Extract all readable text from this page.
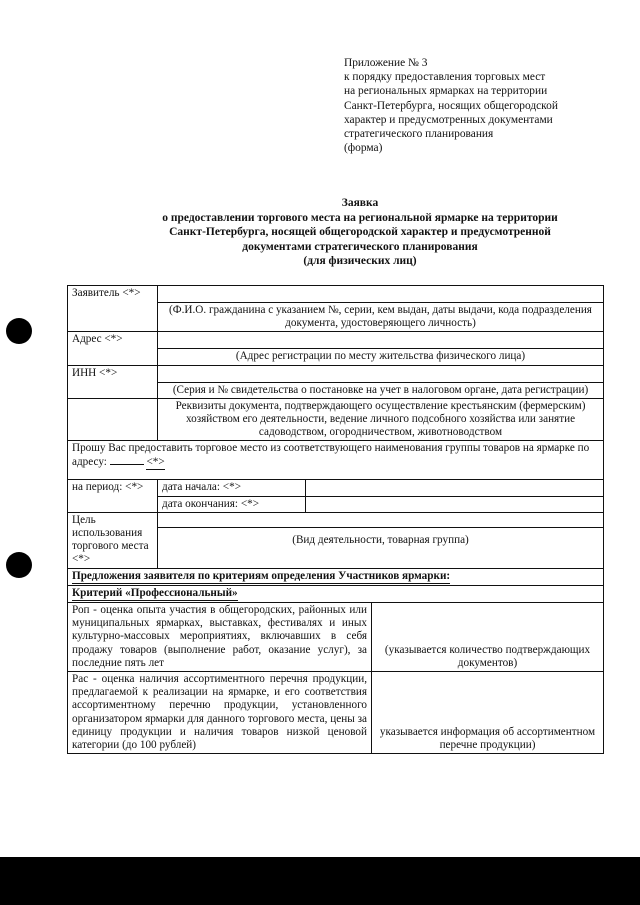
Приложение № 3
к порядку предоставления торговых мест
на региональных ярмарках на территории
Санкт-Петербурга, носящих общегородской
характер и предусмотренных документами
стратегического планирования
(форма)
Заявка
о предоставлении торгового места на региональной ярмарке на территории
Санкт-Петербурга, носящей общегородской характер и предусмотренной
документами стратегического планирования
(для физических лиц)
Заявитель <*>			
	(Ф.И.О. гражданина с указанием №, серии, кем выдан, даты выдачи, кода подразделения документа, удостоверяющего личность)		
Адрес <*>			
	(Адрес регистрации по месту жительства физического лица)		
ИНН <*>			
	(Серия и № свидетельства о постановке на учет в налоговом органе, дата регистрации)		
	Реквизиты документа, подтверждающего осуществление крестьянским (фермерским) хозяйством его деятельности, ведение личного подсобного хозяйства или занятие садоводством, огородничеством, животноводством		
Прошу Вас предоставить торговое место из соответствующего наименования группы товаров на ярмарке по адресу: <*>			
на период: <*>	дата начала: <*>		
	дата окончания: <*>		
Цель использования торгового места <*>	(Вид деятельности, товарная группа)		
Предложения заявителя по критериям определения Участников ярмарки:			
Критерий «Профессиональный»			
Роп - оценка опыта участия в общегородских, районных или муниципальных ярмарках, выставках, фестивалях и иных культурно-массовых мероприятиях, включавших в себя продажу товаров (выполнение работ, оказание услуг), за последние пять лет			(указывается количество подтверждающих документов)
Рас - оценка наличия ассортиментного перечня продукции, предлагаемой к реализации на ярмарке, и его соответствия ассортиментному перечню продукции, установленного организатором ярмарки для данного торгового места, цены за единицу продукции и наличия товаров низкой ценовой категории (до 100 рублей)			указывается информация об ассортиментном перечне продукции)
